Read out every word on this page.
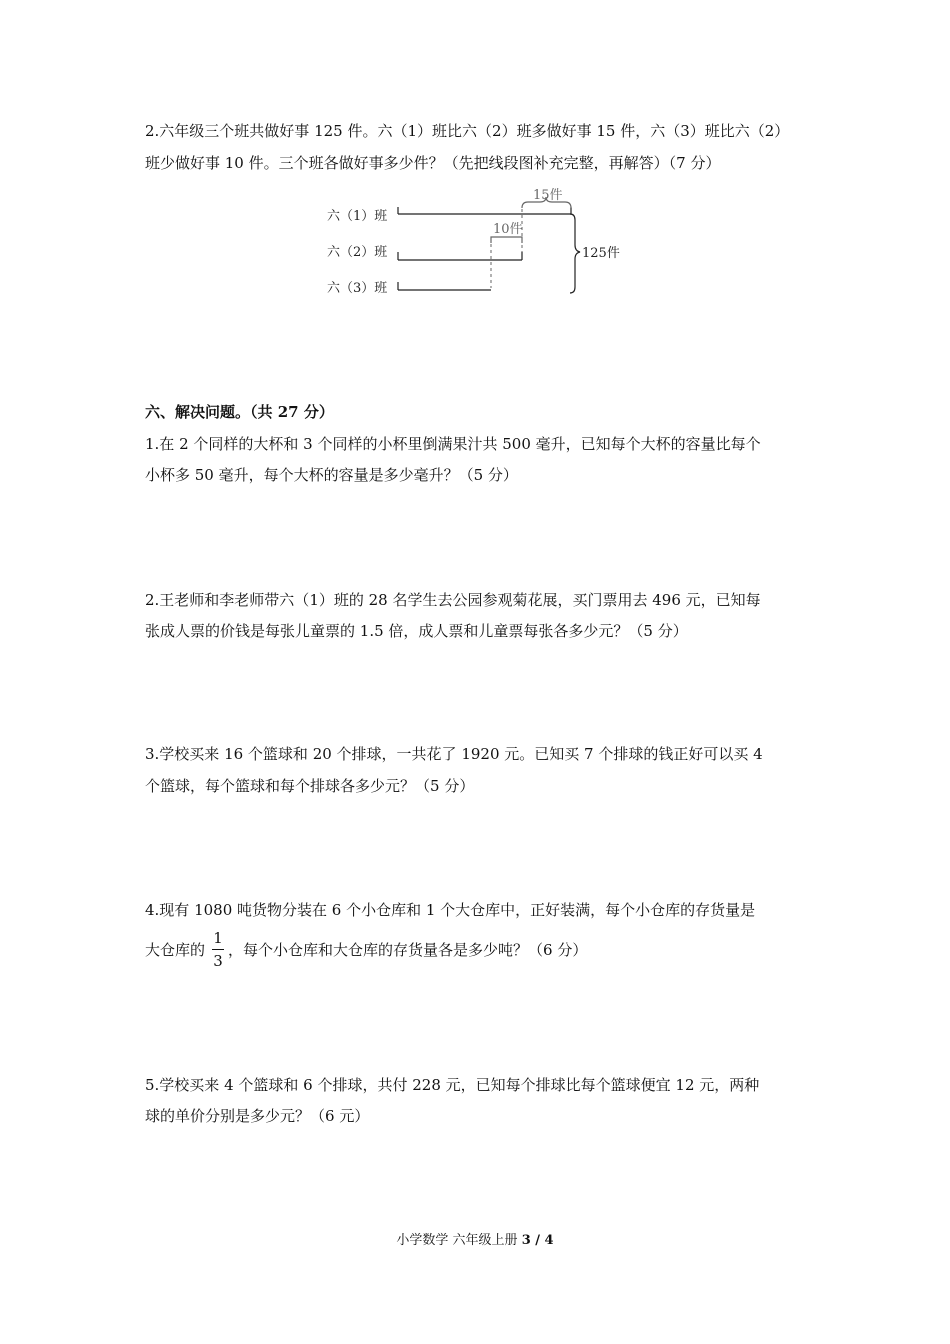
2.六年级三个班共做好事 125 件。六（1）班比六（2）班多做好事 15 件，六（3）班比六（2）
班少做好事 10 件。三个班各做好事多少件？（先把线段图补充完整，再解答）（7 分）
六（1）班
六（2）班
六（3）班
15件
10件
125件
六、解决问题。（共 27 分）
1.在 2 个同样的大杯和 3 个同样的小杯里倒满果汁共 500 毫升，已知每个大杯的容量比每个
小杯多 50 毫升，每个大杯的容量是多少毫升？（5 分）
2.王老师和李老师带六（1）班的 28 名学生去公园参观菊花展，买门票用去 496 元，已知每
张成人票的价钱是每张儿童票的 1.5 倍，成人票和儿童票每张各多少元？（5 分）
3.学校买来 16 个篮球和 20 个排球，一共花了 1920 元。已知买 7 个排球的钱正好可以买 4
个篮球，每个篮球和每个排球各多少元？（5 分）
4.现有 1080 吨货物分装在 6 个小仓库和 1 个大仓库中，正好装满，每个小仓库的存货量是
大仓库的
1
3
，每个小仓库和大仓库的存货量各是多少吨？（6 分）
5.学校买来 4 个篮球和 6 个排球，共付 228 元，已知每个排球比每个篮球便宜 12 元，两种
球的单价分别是多少元？（6 元）
小学数学 六年级上册 3 / 4
